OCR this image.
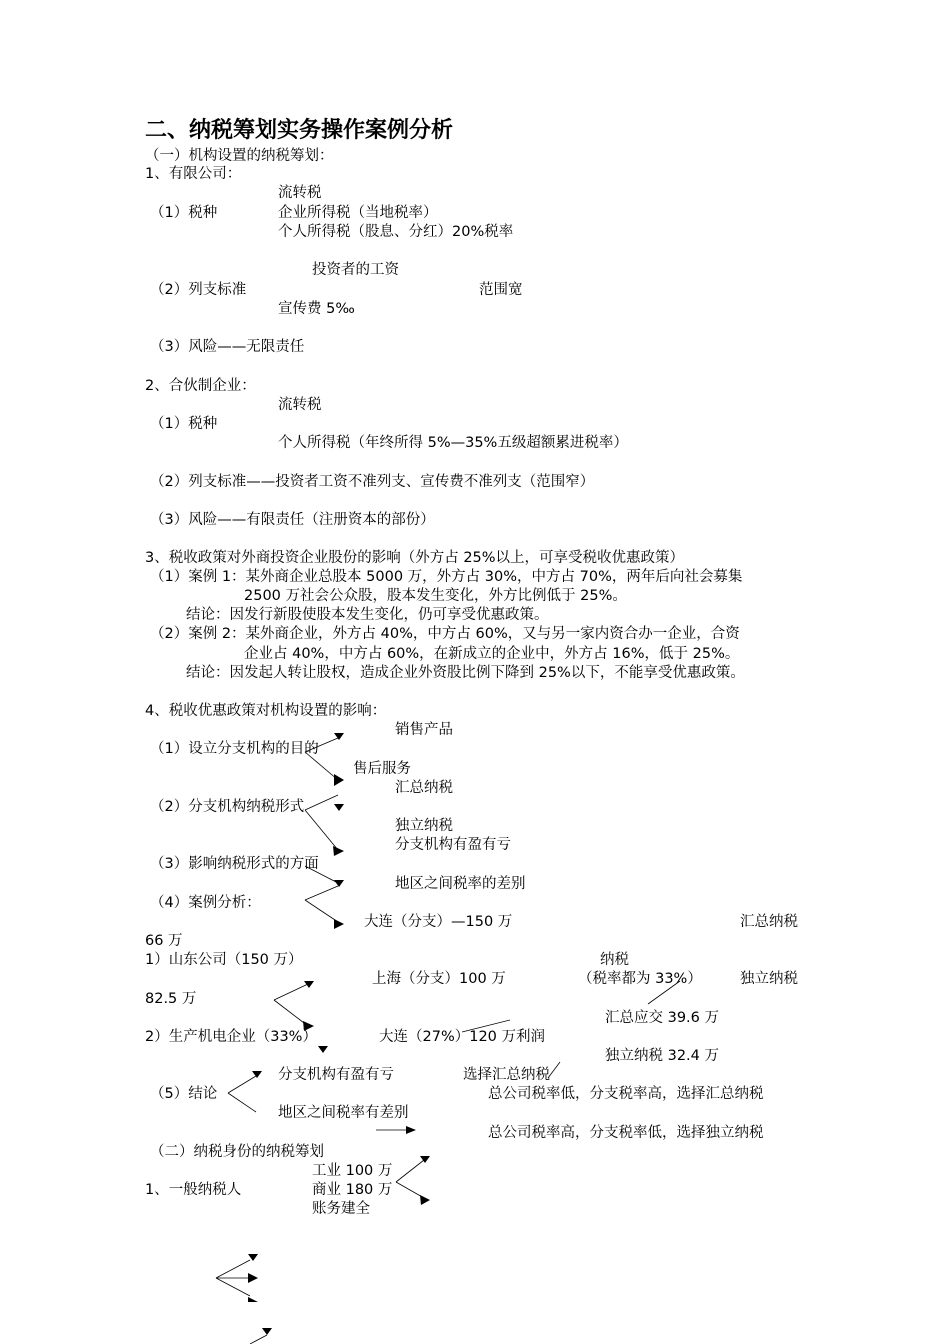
二、纳税筹划实务操作案例分析
（一）机构设置的纳税筹划：
1、有限公司：
流转税
（1）税种	企业所得税（当地税率）
个人所得税（股息、分红）20%税率
投资者的工资
（2）列支标准	范围宽
宣传费 5‰
（3）风险——无限责任
2、合伙制企业：
流转税
（1）税种
个人所得税（年终所得 5%—35%五级超额累进税率）
（2）列支标准——投资者工资不准列支、宣传费不准列支（范围窄）
（3）风险——有限责任（注册资本的部份）
3、税收政策对外商投资企业股份的影响（外方占 25%以上，可享受税收优惠政策）
（1）案例 1：某外商企业总股本 5000 万，外方占 30%，中方占 70%，两年后向社会募集
2500 万社会公众股，股本发生变化，外方比例低于 25%。
结论：因发行新股使股本发生变化，仍可享受优惠政策。
（2）案例 2：某外商企业，外方占 40%，中方占 60%，又与另一家内资合办一企业，合资
企业占 40%，中方占 60%，在新成立的企业中，外方占 16%，低于 25%。
结论：因发起人转让股权，造成企业外资股比例下降到 25%以下，不能享受优惠政策。
4、税收优惠政策对机构设置的影响：
销售产品
（1）设立分支机构的目的
售后服务
汇总纳税
（2）分支机构纳税形式
独立纳税
分支机构有盈有亏
（3）影响纳税形式的方面
地区之间税率的差别
（4）案例分析：
大连（分支）—150 万	汇总纳税
66 万
1）山东公司（150 万）	纳税
上海（分支）100 万	（税率都为 33%）	独立纳税
82.5 万
汇总应交 39.6 万
2）生产机电企业（33%）	大连（27%）120 万利润
独立纳税 32.4 万
分支机构有盈有亏	选择汇总纳税
（5）结论	总公司税率低，分支税率高，选择汇总纳税
地区之间税率有差别
总公司税率高，分支税率低，选择独立纳税
（二）纳税身份的纳税筹划
工业 100 万
1、一般纳税人	商业 180 万
账务建全
